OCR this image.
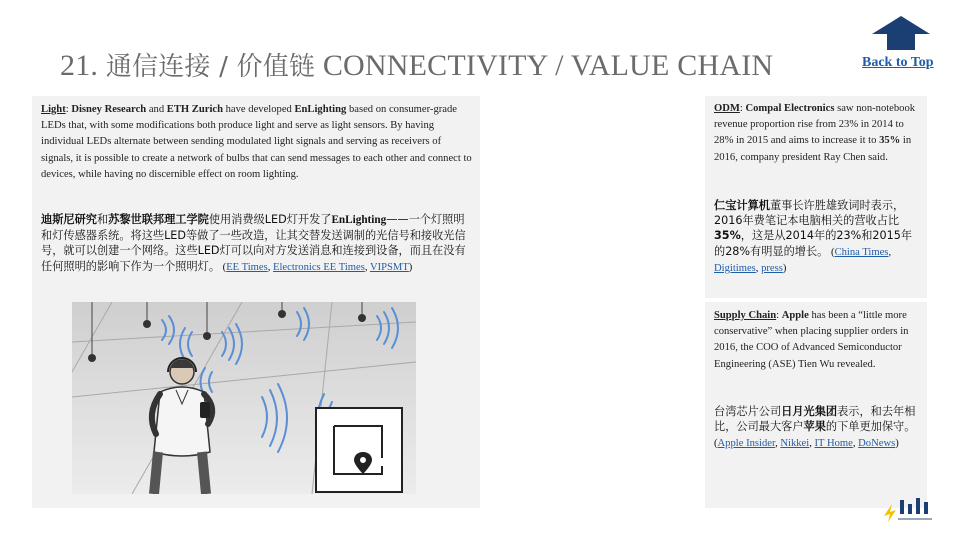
21. 通信连接 / 价值链 CONNECTIVITY / VALUE CHAIN	Back to Top
Light: Disney Research and ETH Zurich have developed EnLighting based on consumer-grade LEDs that, with some modifications both produce light and serve as light sensors. By having individual LEDs alternate between sending modulated light signals and serving as receivers of signals, it is possible to create a network of bulbs that can send messages to each other and connect to devices, while having no discernible effect on room lighting.
迪斯尼研究和苏黎世联邦理工学院使用消费级LED灯开发了EnLighting——一个灯照明和灯传感器系统。将这些LED等做了一些改造，让其交替发送调制的光信号和接收光信号，就可以创建一个网络。这些LED灯可以向对方发送消息和连接到设备，而且在没有任何照明的影响下作为一个照明灯。 (EE Times, Electronics EE Times, VIPSMT)
ODM: Compal Electronics saw non-notebook revenue proportion rise from 23% in 2014 to 28% in 2015 and aims to increase it to 35% in 2016, company president Ray Chen said.
仁宝计算机董事长许胜雄致词时表示，2016年费笔记本电脑相关的营收占比35%，这是从2014年的23%和2015年的28%有明显的增长。 (China Times, Digitimes, press)
Supply Chain: Apple has been a “little more conservative” when placing supplier orders in 2016, the COO of Advanced Semiconductor Engineering (ASE) Tien Wu revealed.
台湾芯片公司日月光集团表示，和去年相比，公司最大客户苹果的下单更加保守。 (Apple Insider, Nikkei, IT Home, DoNews)
